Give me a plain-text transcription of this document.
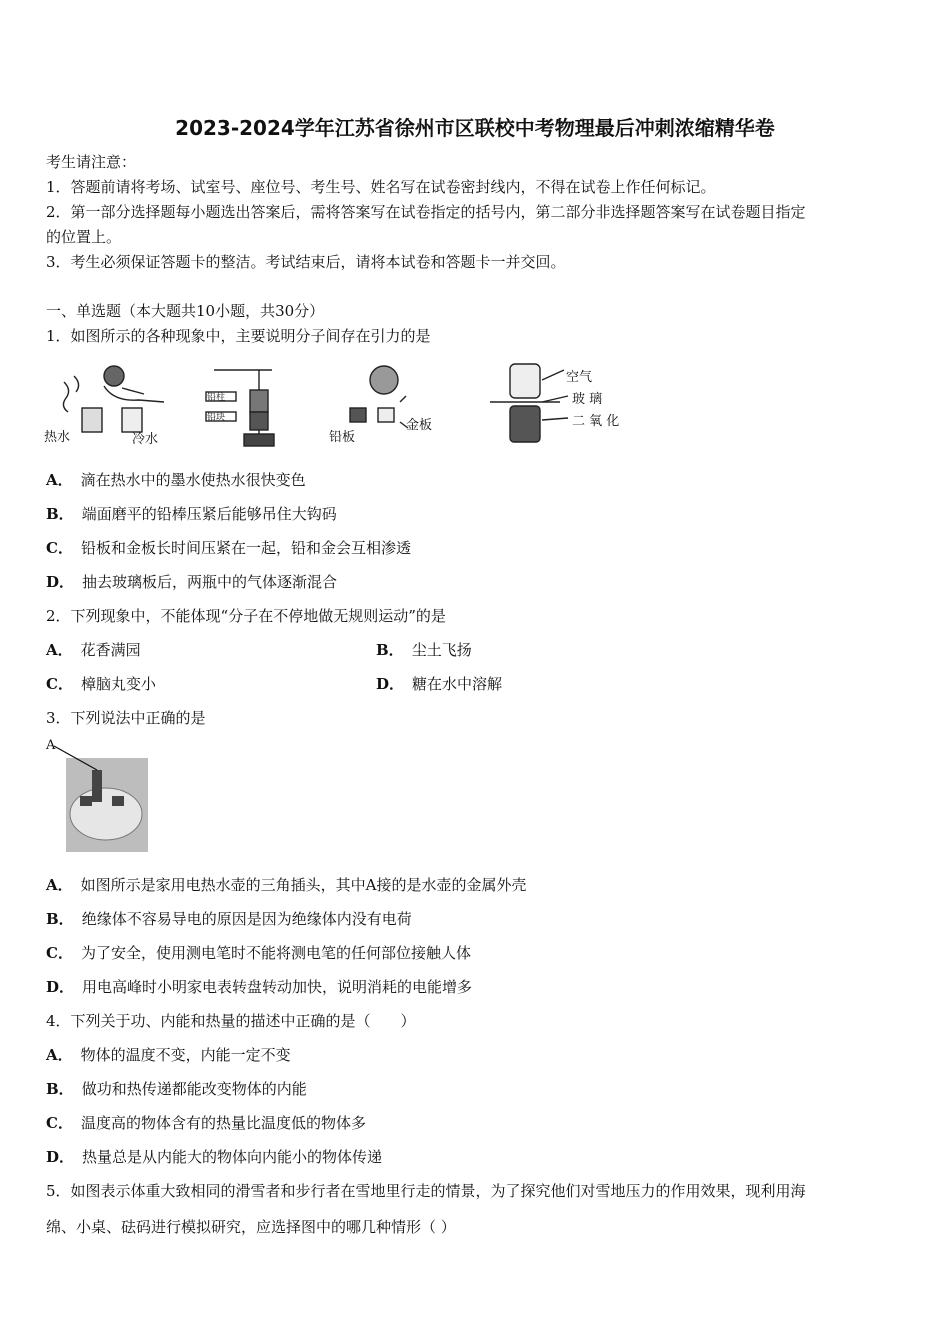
2023-2024学年江苏省徐州市区联校中考物理最后冲刺浓缩精华卷
考生请注意：
1．答题前请将考场、试室号、座位号、考生号、姓名写在试卷密封线内，不得在试卷上作任何标记。
2．第一部分选择题每小题选出答案后，需将答案写在试卷指定的括号内，第二部分非选择题答案写在试卷题目指定
的位置上。
3．考生必须保证答题卡的整洁。考试结束后，请将本试卷和答题卡一并交回。
一、单选题（本大题共10小题，共30分）
1．如图所示的各种现象中，主要说明分子间存在引力的是
热水	冷水
铅柱
铅块
铅板
金板
空气
玻 璃
二 氧 化
A． 滴在热水中的墨水使热水很快变色
B． 端面磨平的铅棒压紧后能够吊住大钩码
C． 铅板和金板长时间压紧在一起，铅和金会互相渗透
D． 抽去玻璃板后，两瓶中的气体逐渐混合
2．下列现象中，不能体现“分子在不停地做无规则运动”的是
A． 花香满园	B． 尘土飞扬
C． 樟脑丸变小	D． 糖在水中溶解
3．下列说法中正确的是
A
A． 如图所示是家用电热水壶的三角插头，其中A接的是水壶的金属外壳
B． 绝缘体不容易导电的原因是因为绝缘体内没有电荷
C． 为了安全，使用测电笔时不能将测电笔的任何部位接触人体
D． 用电高峰时小明家电表转盘转动加快，说明消耗的电能增多
4．下列关于功、内能和热量的描述中正确的是（　　）
A． 物体的温度不变，内能一定不变
B． 做功和热传递都能改变物体的内能
C． 温度高的物体含有的热量比温度低的物体多
D． 热量总是从内能大的物体向内能小的物体传递
5．如图表示体重大致相同的滑雪者和步行者在雪地里行走的情景，为了探究他们对雪地压力的作用效果，现利用海
绵、小桌、砝码进行模拟研究，应选择图中的哪几种情形（ ）
